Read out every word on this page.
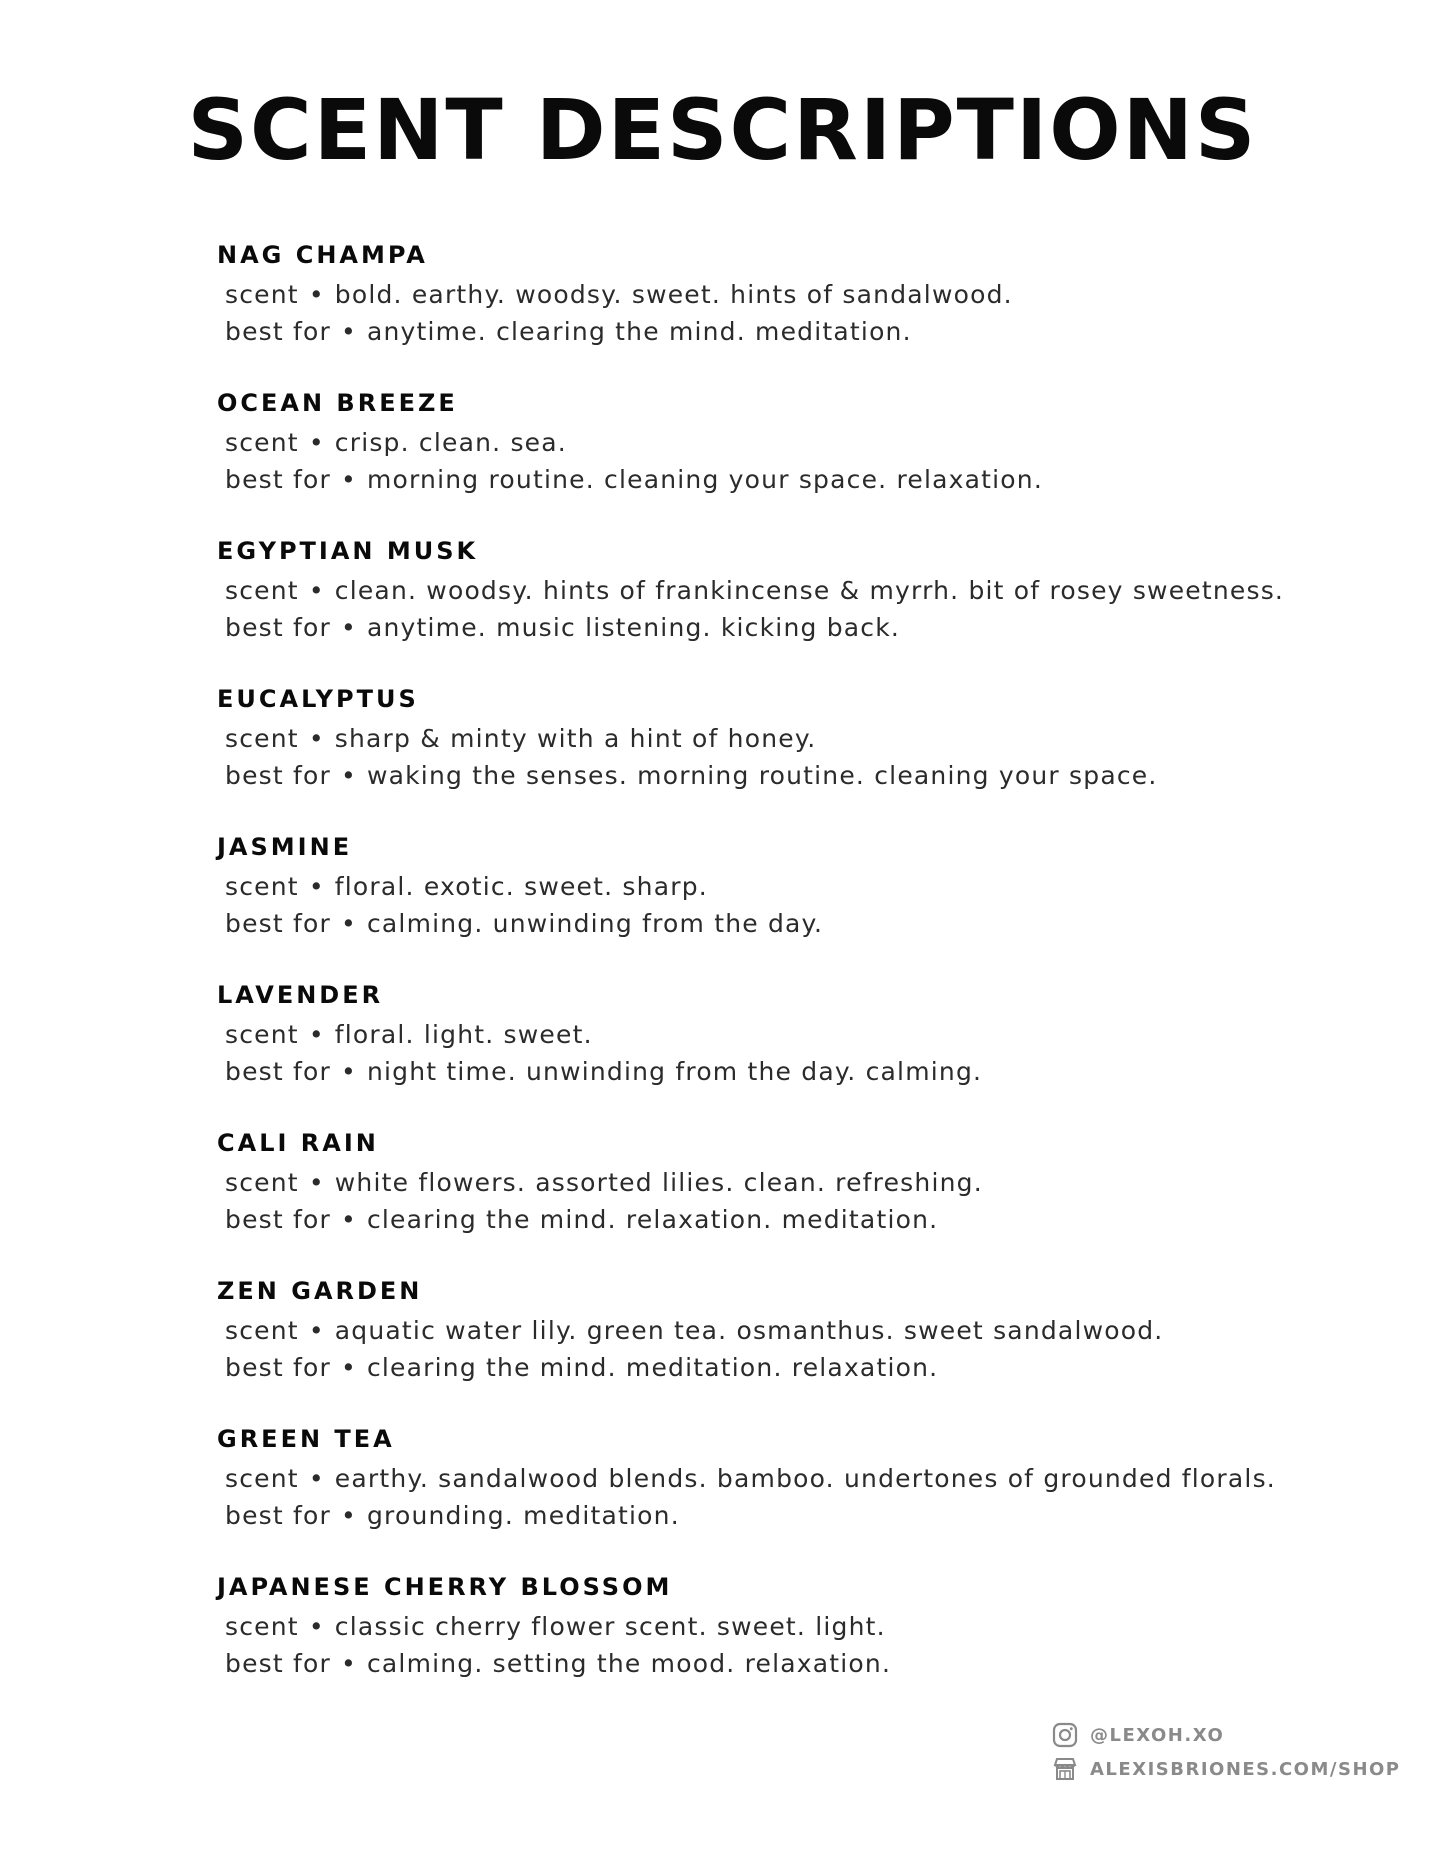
SCENT DESCRIPTIONS
NAG CHAMPA
scent • bold. earthy. woodsy. sweet. hints of sandalwood.
best for • anytime. clearing the mind. meditation.
OCEAN BREEZE
scent • crisp. clean. sea.
best for • morning routine. cleaning your space. relaxation.
EGYPTIAN MUSK
scent • clean. woodsy. hints of frankincense & myrrh. bit of rosey sweetness.
best for • anytime. music listening. kicking back.
EUCALYPTUS
scent • sharp & minty with a hint of honey.
best for • waking the senses. morning routine. cleaning your space.
JASMINE
scent • floral. exotic. sweet. sharp.
best for • calming. unwinding from the day.
LAVENDER
scent • floral. light. sweet.
best for • night time. unwinding from the day. calming.
CALI RAIN
scent • white flowers. assorted lilies. clean. refreshing.
best for • clearing the mind. relaxation. meditation.
ZEN GARDEN
scent • aquatic water lily. green tea. osmanthus. sweet sandalwood.
best for • clearing the mind. meditation. relaxation.
GREEN TEA
scent • earthy. sandalwood blends. bamboo. undertones of grounded florals.
best for • grounding. meditation.
JAPANESE CHERRY BLOSSOM
scent • classic cherry flower scent. sweet. light.
best for • calming. setting the mood. relaxation.
@LEXOH.XO
ALEXISBRIONES.COM/SHOP
